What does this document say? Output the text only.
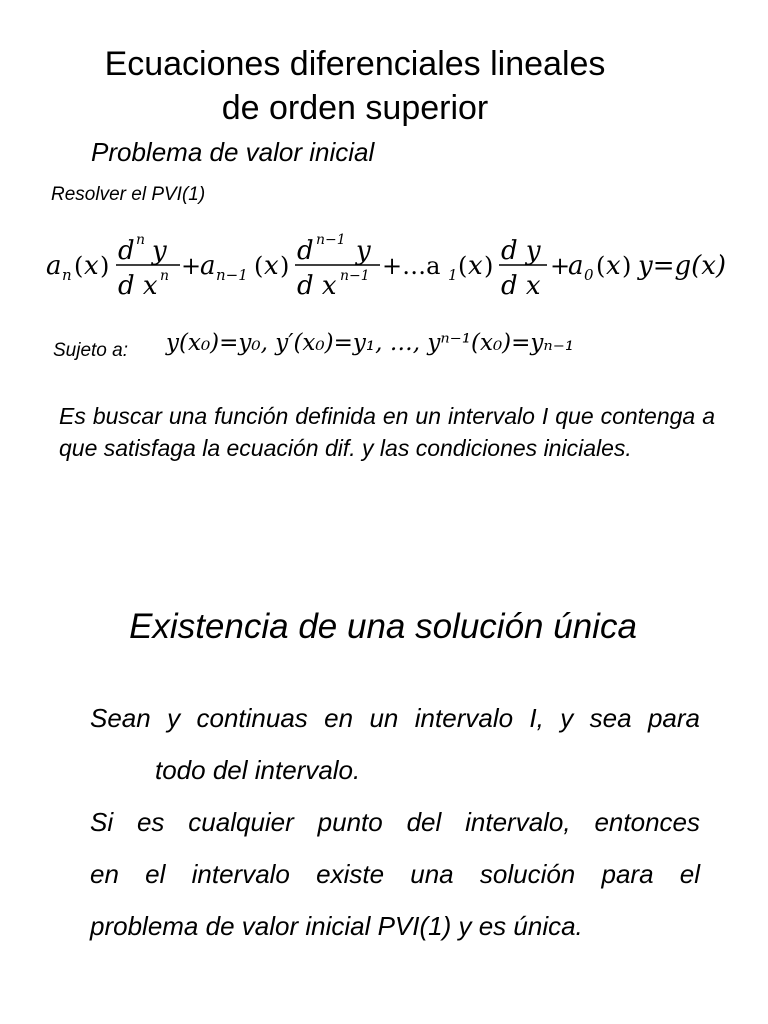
Ecuaciones diferenciales lineales
de orden superior
Problema de valor inicial
Resolver el PVI(1)
a n ( x ) d n y
d x n +
a n−1 ( x ) d n−1 y
d x n−1 +…a 1 ( x ) d y
d x
+
a 0 ( x ) y=g(x)
Sujeto a: y(x₀)=y₀, y′(x₀)=y₁, …, yⁿ⁻¹(x₀)=yₙ₋₁
Es buscar una función definida en un intervalo I que contenga a que satisfaga la ecuación dif. y las condiciones iniciales.
Existencia de una solución única
Sean y continuas en un intervalo I, y sea para
todo del intervalo.
Si es cualquier punto del intervalo, entonces
en el intervalo existe una solución para el
problema de valor inicial PVI(1) y es única.
